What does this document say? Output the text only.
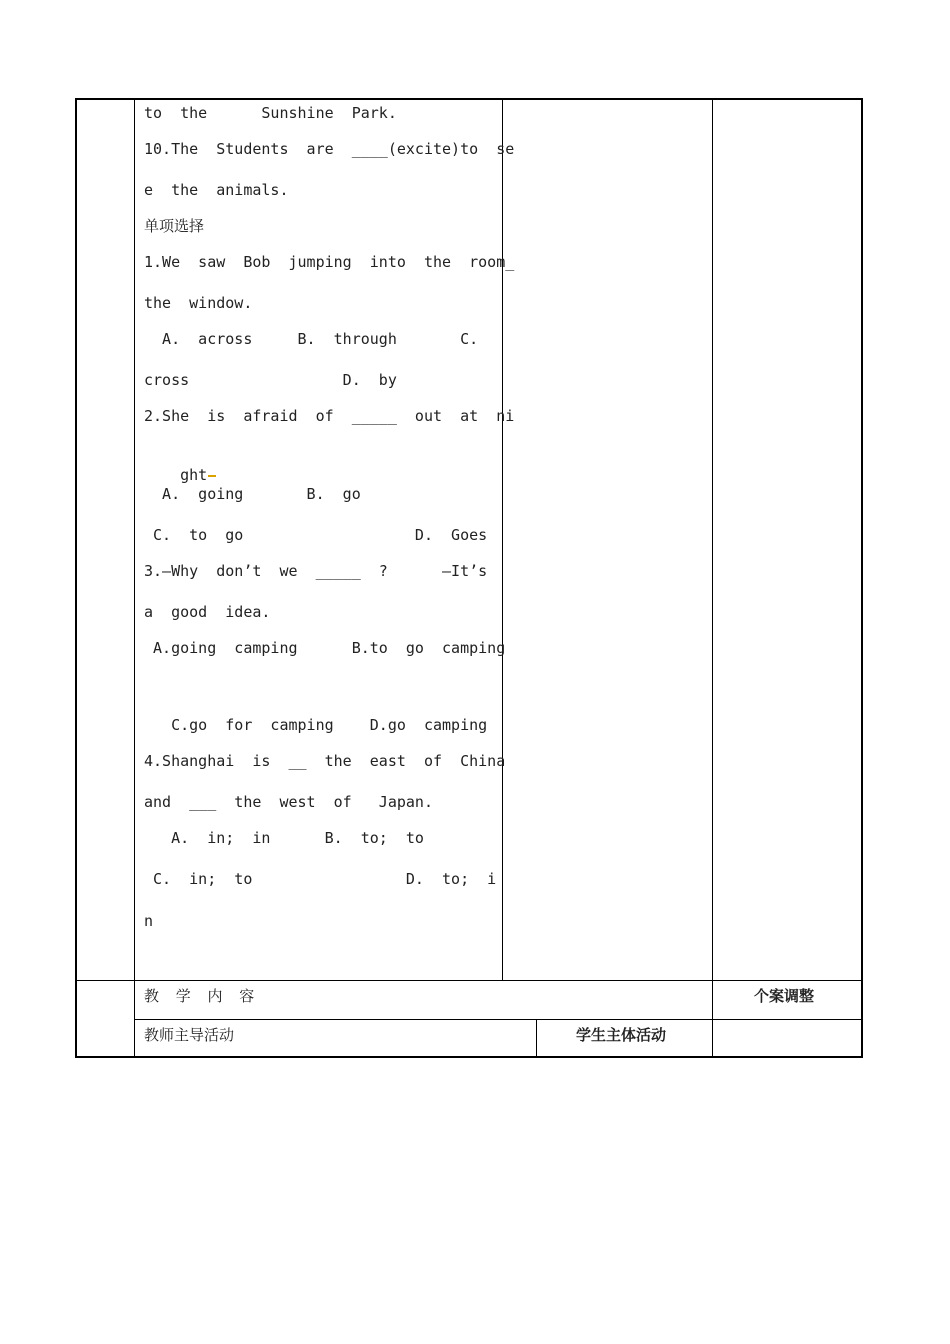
to  the      Sunshine  Park.
10.The  Students  are  ____(excite)to  se
e  the  animals.
单项选择
1.We  saw  Bob  jumping  into  the  room_
the  window.
A.  across     B.  through       C.
cross                 D.  by
2.She  is  afraid  of  _____  out  at  ni

ght

A.  going       B.  go
C.  to  go                   D.  Goes
3.—Why  don’t  we  _____  ?      —It’s
a  good  idea.
A.going  camping      B.to  go  camping
C.go  for  camping    D.go  camping
4.Shanghai  is  __  the  east  of  China
and  ___  the  west  of   Japan.
A.  in;  in      B.  to;  to
C.  in;  to                 D.  to;  i
n
教 学 内 容	个案调整
教师主导活动	学生主体活动
